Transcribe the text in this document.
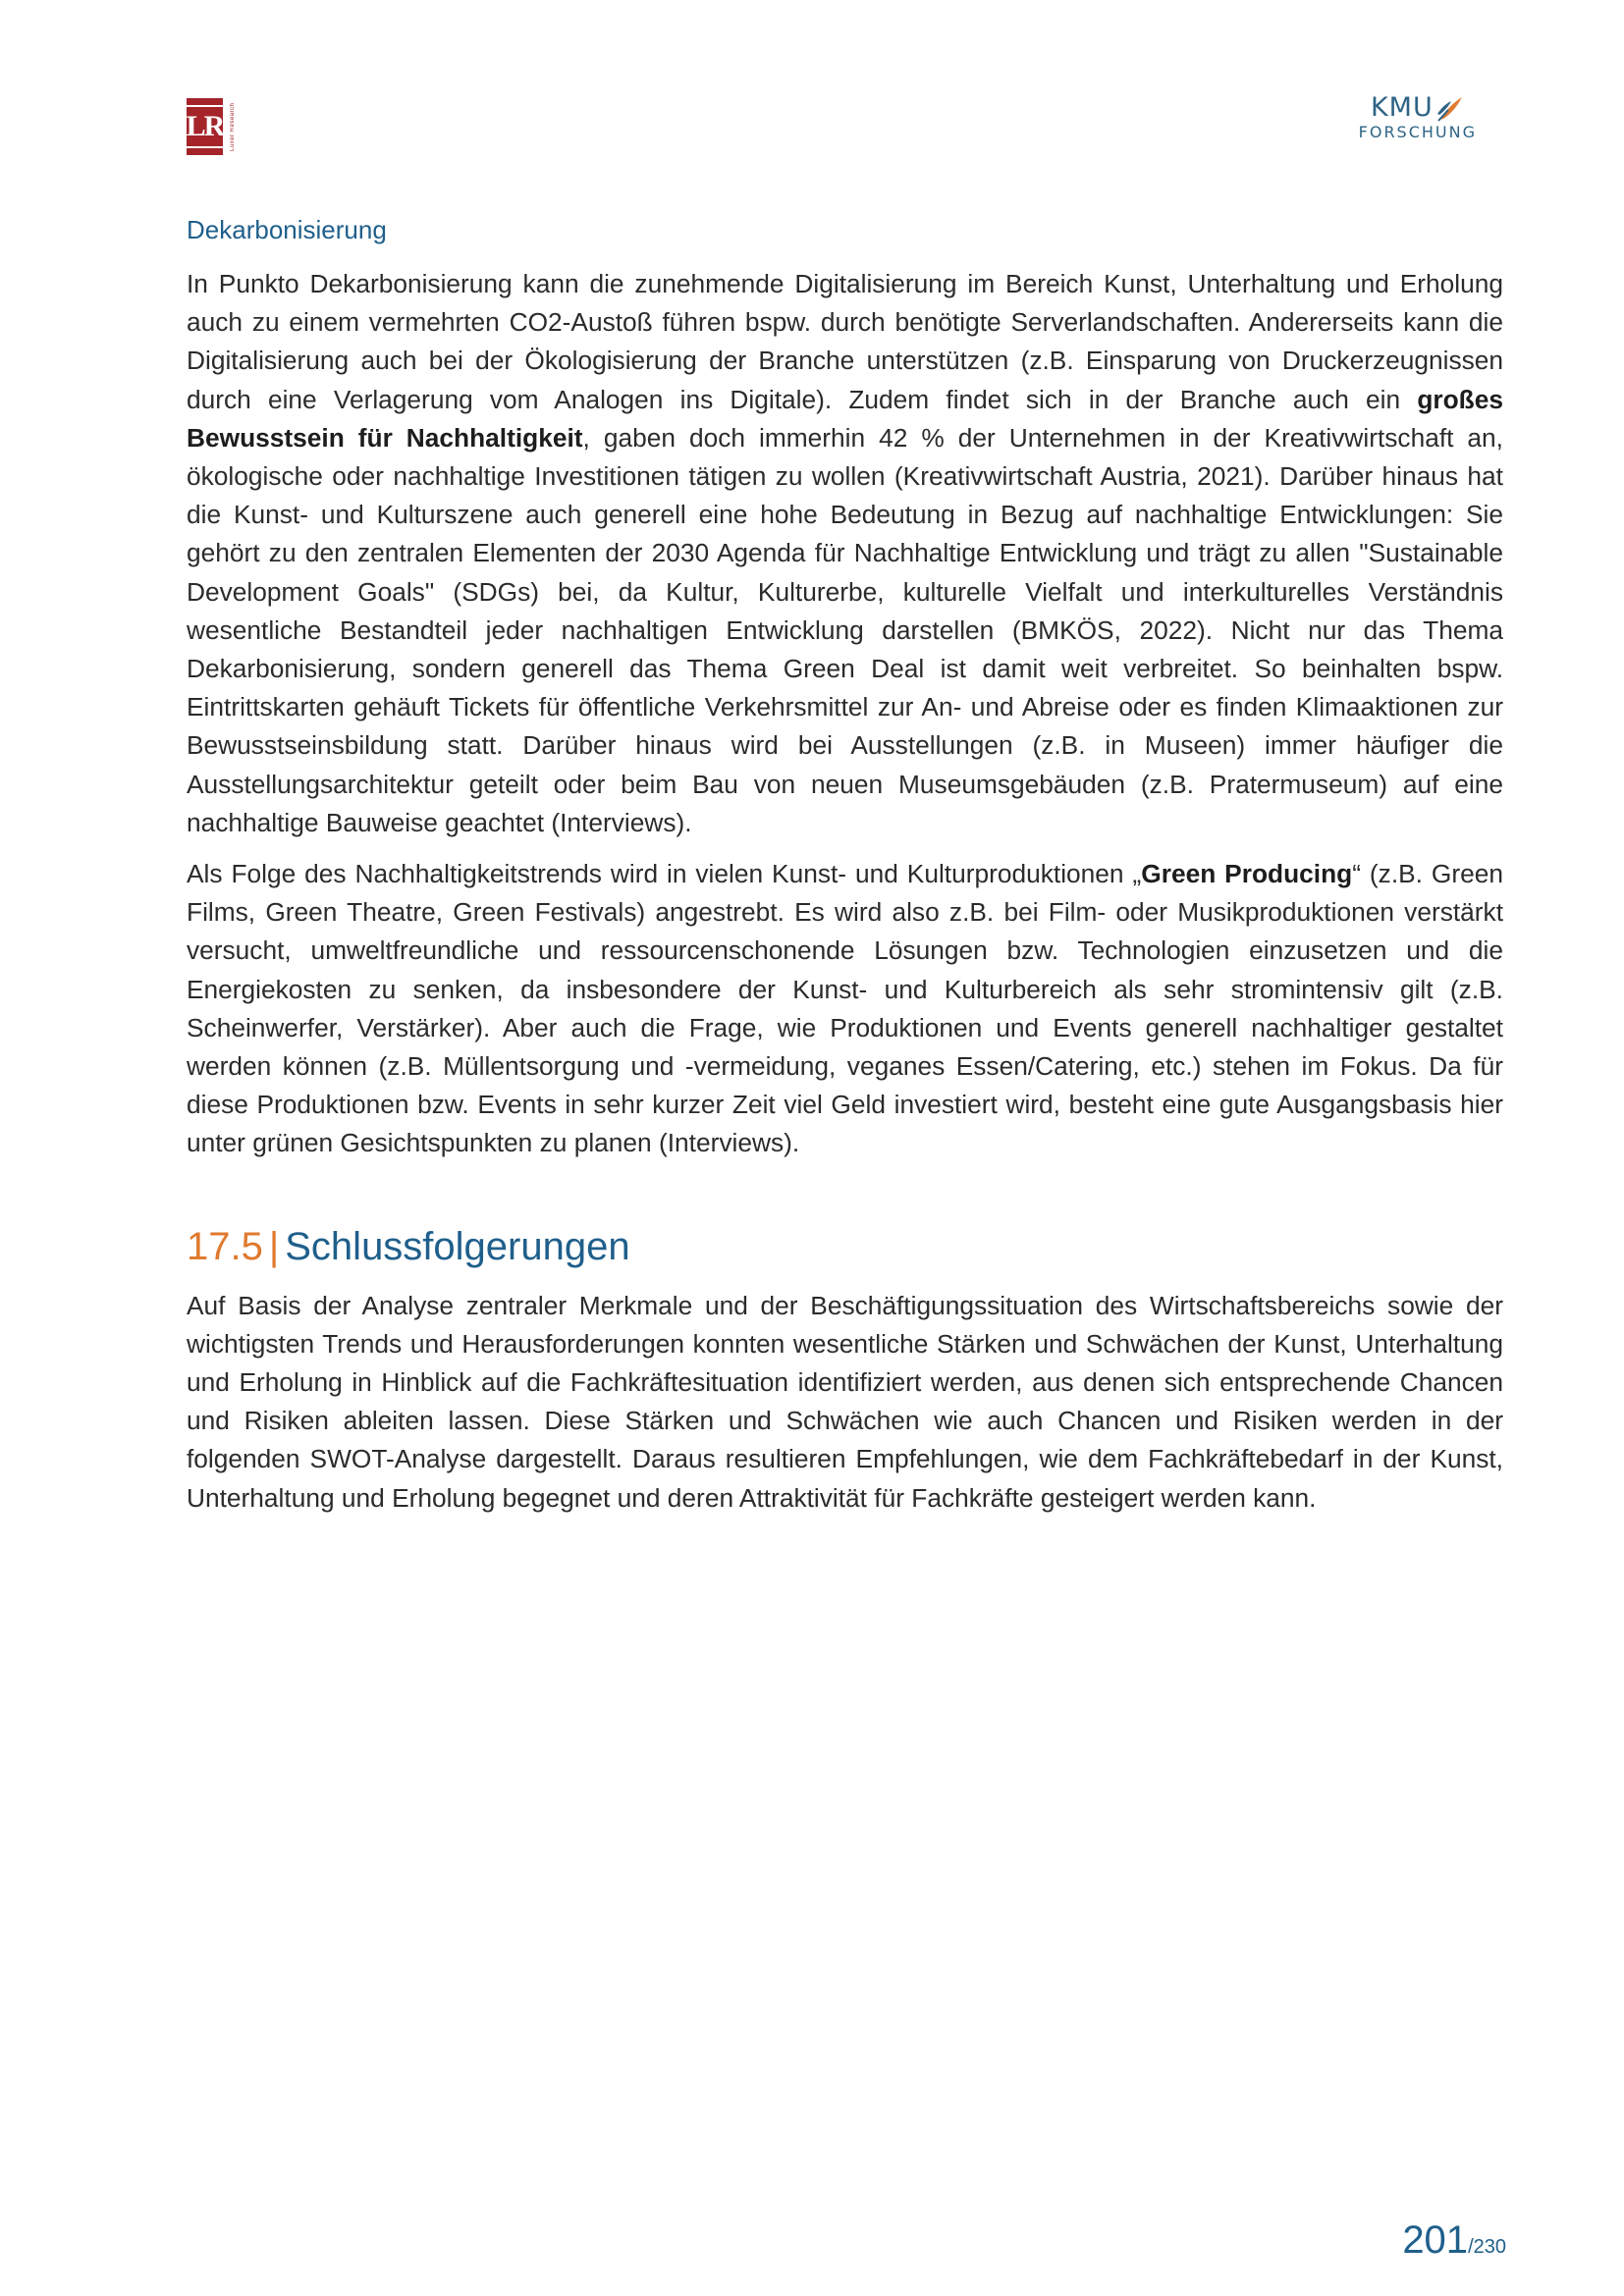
LR	Luxer Research	KMU
FORSCHUNG
Dekarbonisierung

In Punkto Dekarbonisierung kann die zunehmende Digitalisierung im Bereich Kunst, Unterhaltung und Erholung auch zu einem vermehrten CO2-Austoß führen bspw. durch benötigte Serverlandschaften. Andererseits kann die Digitalisierung auch bei der Ökologisierung der Branche unterstützen (z.B. Einsparung von Druckerzeugnissen durch eine Verlagerung vom Analogen ins Digitale). Zudem findet sich in der Branche auch ein großes Bewusstsein für Nachhaltigkeit, gaben doch immerhin 42 % der Unternehmen in der Kreativwirtschaft an, ökologische oder nachhaltige Investitionen tätigen zu wollen (Kreativwirtschaft Austria, 2021). Darüber hinaus hat die Kunst- und Kulturszene auch generell eine hohe Bedeutung in Bezug auf nachhaltige Entwicklungen: Sie gehört zu den zentralen Elementen der 2030 Agenda für Nachhaltige Entwicklung und trägt zu allen "Sustainable Development Goals" (SDGs) bei, da Kultur, Kulturerbe, kulturelle Vielfalt und interkulturelles Verständnis wesentliche Bestandteil jeder nachhaltigen Entwicklung darstellen (BMKÖS, 2022). Nicht nur das Thema Dekarbonisierung, sondern generell das Thema Green Deal ist damit weit verbreitet. So beinhalten bspw. Eintrittskarten gehäuft Tickets für öffentliche Verkehrsmittel zur An- und Abreise oder es finden Klimaaktionen zur Bewusstseinsbildung statt. Darüber hinaus wird bei Ausstellungen (z.B. in Museen) immer häufiger die Ausstellungsarchitektur geteilt oder beim Bau von neuen Museumsgebäuden (z.B. Pratermuseum) auf eine nachhaltige Bauweise geachtet (Interviews).

Als Folge des Nachhaltigkeitstrends wird in vielen Kunst- und Kulturproduktionen „Green Producing“ (z.B. Green Films, Green Theatre, Green Festivals) angestrebt. Es wird also z.B. bei Film- oder Musikproduktionen verstärkt versucht, umweltfreundliche und ressourcenschonende Lösungen bzw. Technologien einzusetzen und die Energiekosten zu senken, da insbesondere der Kunst- und Kulturbereich als sehr stromintensiv gilt (z.B. Scheinwerfer, Verstärker). Aber auch die Frage, wie Produktionen und Events generell nachhaltiger gestaltet werden können (z.B. Müllentsorgung und -vermeidung, veganes Essen/Catering, etc.) stehen im Fokus. Da für diese Produktionen bzw. Events in sehr kurzer Zeit viel Geld investiert wird, besteht eine gute Ausgangsbasis hier unter grünen Gesichtspunkten zu planen (Interviews).

17.5 | Schlussfolgerungen

Auf Basis der Analyse zentraler Merkmale und der Beschäftigungssituation des Wirtschaftsbereichs sowie der wichtigsten Trends und Herausforderungen konnten wesentliche Stärken und Schwächen der Kunst, Unterhaltung und Erholung in Hinblick auf die Fachkräftesituation identifiziert werden, aus denen sich entsprechende Chancen und Risiken ableiten lassen. Diese Stärken und Schwächen wie auch Chancen und Risiken werden in der folgenden SWOT-Analyse dargestellt. Daraus resultieren Empfehlungen, wie dem Fachkräftebedarf in der Kunst, Unterhaltung und Erholung begegnet und deren Attraktivität für Fachkräfte gesteigert werden kann.

201/230
